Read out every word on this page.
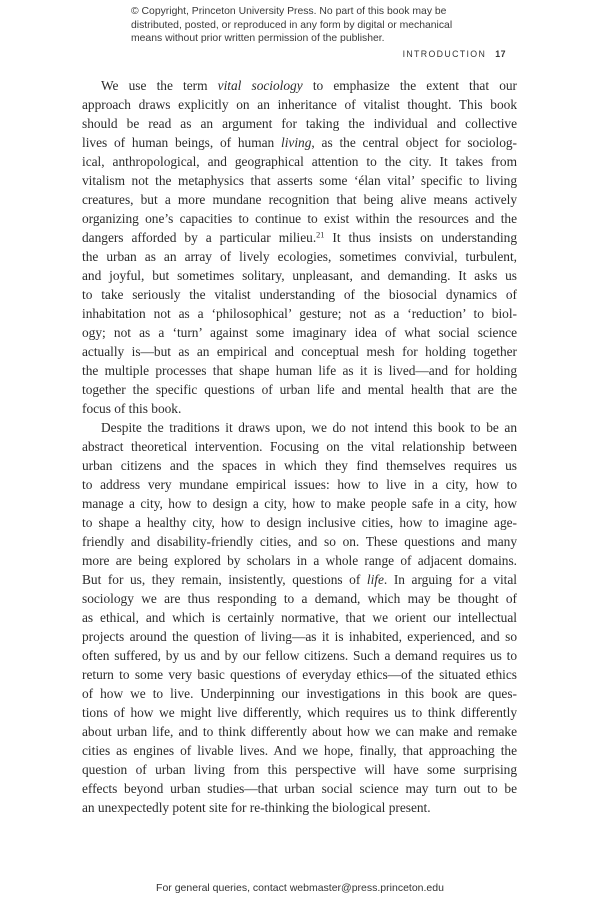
© Copyright, Princeton University Press. No part of this book may be
distributed, posted, or reproduced in any form by digital or mechanical
means without prior written permission of the publisher.
INTRODUCTION 17
We use the term vital sociology to emphasize the extent that our
approach draws explicitly on an inheritance of vitalist thought. This book
should be read as an argument for taking the individual and collective
lives of human beings, of human living, as the central object for sociolog-
ical, anthropological, and geographical attention to the city. It takes from
vitalism not the metaphysics that asserts some ‘élan vital’ specific to living
creatures, but a more mundane recognition that being alive means actively
organizing one’s capacities to continue to exist within the resources and the
dangers afforded by a particular milieu.$^{21}$ It thus insists on understanding
the urban as an array of lively ecologies, sometimes convivial, turbulent,
and joyful, but sometimes solitary, unpleasant, and demanding. It asks us
to take seriously the vitalist understanding of the biosocial dynamics of
inhabitation not as a ‘philosophical’ gesture; not as a ‘reduction’ to biol-
ogy; not as a ‘turn’ against some imaginary idea of what social science
actually is—but as an empirical and conceptual mesh for holding together
the multiple processes that shape human life as it is lived—and for holding
together the specific questions of urban life and mental health that are the
focus of this book.
Despite the traditions it draws upon, we do not intend this book to be an
abstract theoretical intervention. Focusing on the vital relationship between
urban citizens and the spaces in which they find themselves requires us
to address very mundane empirical issues: how to live in a city, how to
manage a city, how to design a city, how to make people safe in a city, how
to shape a healthy city, how to design inclusive cities, how to imagine age-
friendly and disability-friendly cities, and so on. These questions and many
more are being explored by scholars in a whole range of adjacent domains.
But for us, they remain, insistently, questions of life. In arguing for a vital
sociology we are thus responding to a demand, which may be thought of
as ethical, and which is certainly normative, that we orient our intellectual
projects around the question of living—as it is inhabited, experienced, and so
often suffered, by us and by our fellow citizens. Such a demand requires us to
return to some very basic questions of everyday ethics—of the situated ethics
of how we to live. Underpinning our investigations in this book are ques-
tions of how we might live differently, which requires us to think differently
about urban life, and to think differently about how we can make and remake
cities as engines of livable lives. And we hope, finally, that approaching the
question of urban living from this perspective will have some surprising
effects beyond urban studies—that urban social science may turn out to be
an unexpectedly potent site for re-thinking the biological present.
For general queries, contact webmaster@press.princeton.edu
